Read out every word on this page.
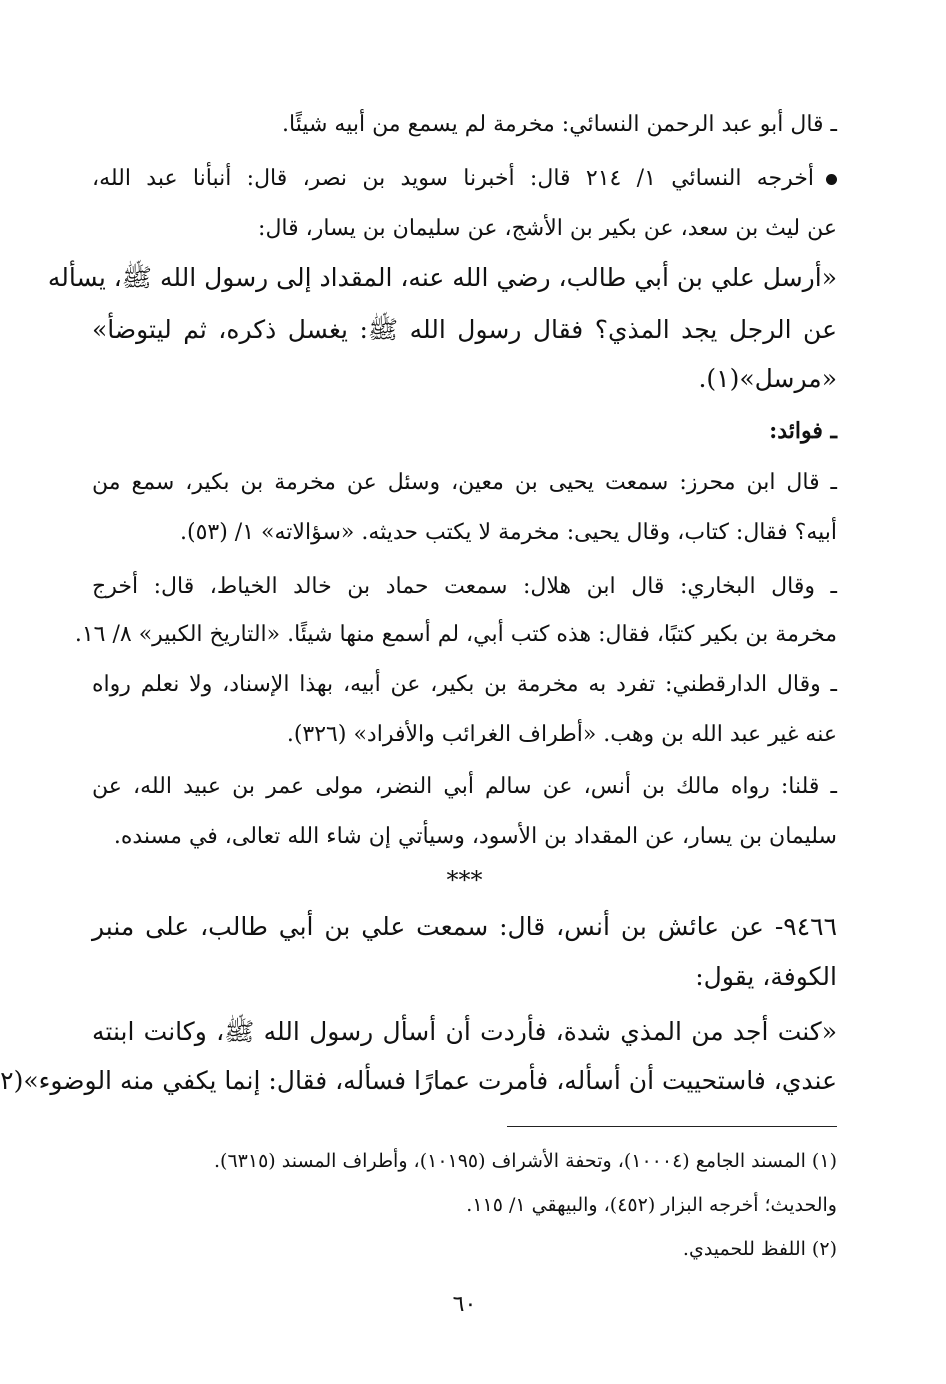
ـ قال أبو عبد الرحمن النسائي: مخرمة لم يسمع من أبيه شيئًا.
أخرجه النسائي ١/ ٢١٤ قال: أخبرنا سويد بن نصر، قال: أنبأنا عبد الله،
عن ليث بن سعد، عن بكير بن الأشج، عن سليمان بن يسار، قال:
«أرسل علي بن أبي طالب، رضي الله عنه، المقداد إلى رسول الله ﷺ، يسأله
عن الرجل يجد المذي؟ فقال رسول الله ﷺ: يغسل ذكره، ثم ليتوضأ»
«مرسل»(١).
ـ فوائد:
ـ قال ابن محرز: سمعت يحيى بن معين، وسئل عن مخرمة بن بكير، سمع من
أبيه؟ فقال: كتاب، وقال يحيى: مخرمة لا يكتب حديثه. «سؤالاته» ١/ (٥٣).
ـ وقال البخاري: قال ابن هلال: سمعت حماد بن خالد الخياط، قال: أخرج
مخرمة بن بكير كتبًا، فقال: هذه كتب أبي، لم أسمع منها شيئًا. «التاريخ الكبير» ٨/ ١٦.
ـ وقال الدارقطني: تفرد به مخرمة بن بكير، عن أبيه، بهذا الإسناد، ولا نعلم رواه
عنه غير عبد الله بن وهب. «أطراف الغرائب والأفراد» (٣٢٦).
ـ قلنا: رواه مالك بن أنس، عن سالم أبي النضر، مولى عمر بن عبيد الله، عن
سليمان بن يسار، عن المقداد بن الأسود، وسيأتي إن شاء الله تعالى، في مسنده.
***
٩٤٦٦- عن عائش بن أنس، قال: سمعت علي بن أبي طالب، على منبر
الكوفة، يقول:
«كنت أجد من المذي شدة، فأردت أن أسأل رسول الله ﷺ، وكانت ابنته
عندي، فاستحييت أن أسأله، فأمرت عمارًا فسأله، فقال: إنما يكفي منه الوضوء»(٢
(١) المسند الجامع (١٠٠٠٤)، وتحفة الأشراف (١٠١٩٥)، وأطراف المسند (٦٣١٥).
والحديث؛ أخرجه البزار (٤٥٢)، والبيهقي ١/ ١١٥.
(٢) اللفظ للحميدي.
٦٠
